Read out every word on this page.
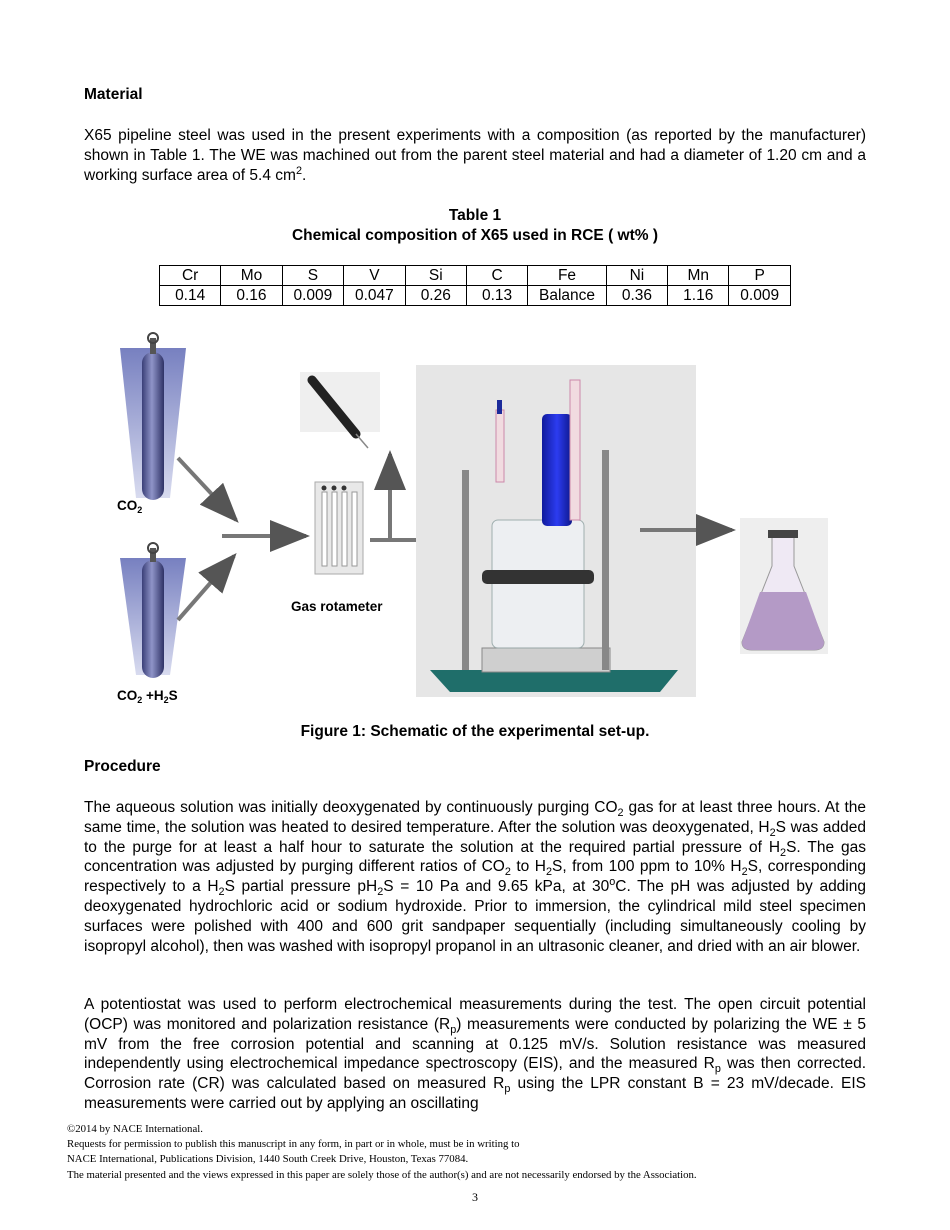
Material
X65 pipeline steel was used in the present experiments with a composition (as reported by the manufacturer) shown in Table 1. The WE was machined out from the parent steel material and had a diameter of 1.20 cm and a working surface area of 5.4 $cm^2$.
Table 1
Chemical composition of X65 used in RCE ( wt% )
Cr	Mo	S	V	Si	C	Fe	Ni	Mn	P
0.14	0.16	0.009	0.047	0.26	0.13	Balance	0.36	1.16	0.009
$CO_2$
$CO_2 +H_2S$
Gas rotameter
Figure 1: Schematic of the experimental set-up.
Procedure
The aqueous solution was initially deoxygenated by continuously purging $CO_2$ gas for at least three hours. At the same time, the solution was heated to desired temperature. After the solution was deoxygenated, $H_2S$ was added to the purge for at least a half hour to saturate the solution at the required partial pressure of $H_2S$. The gas concentration was adjusted by purging different ratios of $CO_2$ to $H_2S$, from 100 ppm to 10% $H_2S$, corresponding respectively to a $H_2S$ partial pressure $pH_2S = 10$ Pa and 9.65 kPa, at 30$^o$C. The pH was adjusted by adding deoxygenated hydrochloric acid or sodium hydroxide. Prior to immersion, the cylindrical mild steel specimen surfaces were polished with 400 and 600 grit sandpaper sequentially (including simultaneously cooling by isopropyl alcohol), then was washed with isopropyl propanol in an ultrasonic cleaner, and dried with an air blower.
A potentiostat was used to perform electrochemical measurements during the test. The open circuit potential (OCP) was monitored and polarization resistance $(R_p)$ measurements were conducted by polarizing the WE ± 5 mV from the free corrosion potential and scanning at 0.125 mV/s. Solution resistance was measured independently using electrochemical impedance spectroscopy (EIS), and the measured $R_p$ was then corrected. Corrosion rate (CR) was calculated based on measured $R_p$ using the LPR constant B = 23 mV/decade. EIS measurements were carried out by applying an oscillating
©2014 by NACE International.
Requests for permission to publish this manuscript in any form, in part or in whole, must be in writing to
NACE International, Publications Division, 1440 South Creek Drive, Houston, Texas 77084.
The material presented and the views expressed in this paper are solely those of the author(s) and are not necessarily endorsed by the Association.
3
